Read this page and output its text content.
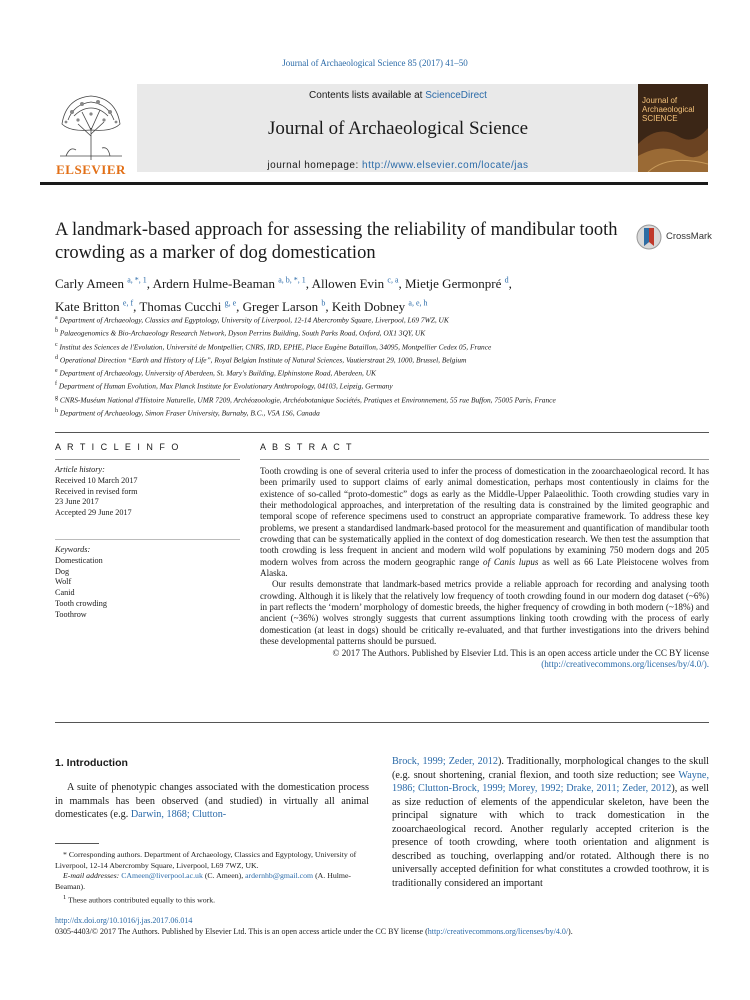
Journal of Archaeological Science 85 (2017) 41–50
ELSEVIER
Contents lists available at ScienceDirect
Journal of Archaeological Science
journal homepage: http://www.elsevier.com/locate/jas
Journal of Archaeological SCIENCE
A landmark-based approach for assessing the reliability of mandibular tooth crowding as a marker of dog domestication
CrossMark
Carly Ameen $^{a, *, 1}$, Ardern Hulme-Beaman $^{a, b, *, 1}$, Allowen Evin $^{c, a}$, Mietje Germonpré $^d$,
Kate Britton $^{e, f}$, Thomas Cucchi $^{g, e}$, Greger Larson $^b$, Keith Dobney $^{a, e, h}$
$^a$ Department of Archaeology, Classics and Egyptology, University of Liverpool, 12-14 Abercromby Square, Liverpool, L69 7WZ, UK
$^b$ Palaeogenomics & Bio-Archaeology Research Network, Dyson Perrins Building, South Parks Road, Oxford, OX1 3QY, UK
$^c$ Institut des Sciences de l'Evolution, Université de Montpellier, CNRS, IRD, EPHE, Place Eugène Bataillon, 34095, Montpellier Cedex 05, France
$^d$ Operational Direction “Earth and History of Life”, Royal Belgian Institute of Natural Sciences, Vautierstraat 29, 1000, Brussel, Belgium
$^e$ Department of Archaeology, University of Aberdeen, St. Mary's Building, Elphinstone Road, Aberdeen, UK
$^f$ Department of Human Evolution, Max Planck Institute for Evolutionary Anthropology, 04103, Leipzig, Germany
$^g$ CNRS-Muséum National d'Histoire Naturelle, UMR 7209, Archéozoologie, Archéobotanique Sociétés, Pratiques et Environnement, 55 rue Buffon, 75005 Paris, France
$^h$ Department of Archaeology, Simon Fraser University, Burnaby, B.C., V5A 1S6, Canada
A R T I C L E I N F O	A B S T R A C T
Article history:
Received 10 March 2017
Received in revised form
23 June 2017
Accepted 29 June 2017
Keywords:
Domestication
Dog
Wolf
Canid
Tooth crowding
Toothrow

Tooth crowding is one of several criteria used to infer the process of domestication in the zooarchaeological record. It has been primarily used to support claims of early animal domestication, perhaps most contentiously in claims for the existence of so-called “proto-domestic” dogs as early as the Middle-Upper Palaeolithic. Tooth crowding studies vary in their methodological approaches, and interpretation of the resulting data is constrained by the limited geographic and temporal scope of reference specimens used to construct an appropriate comparative framework. To address these key problems, we present a standardised landmark-based protocol for the measurement and quantification of mandibular tooth crowding that can be systematically applied in the context of dog domestication research. We then test the assumption that tooth crowding is less frequent in ancient and modern wild wolf populations by examining 750 modern dogs and 205 modern wolves from across the modern geographic range of Canis lupus as well as 66 Late Pleistocene wolves from Alaska.

Our results demonstrate that landmark-based metrics provide a reliable approach for recording and analysing tooth crowding. Although it is likely that the relatively low frequency of tooth crowding found in our modern dog dataset (~6%) in part reflects the ‘modern’ morphology of domestic breeds, the higher frequency of crowding in both modern (~18%) and ancient (~36%) wolves strongly suggests that current assumptions linking tooth crowding with the process of early domestication (at least in dogs) should be critically re-evaluated, and that further investigations into the drivers behind these developmental patterns should be pursued.

© 2017 The Authors. Published by Elsevier Ltd. This is an open access article under the CC BY license
(http://creativecommons.org/licenses/by/4.0/).

1. Introduction

A suite of phenotypic changes associated with the domestication process in mammals has been observed (and studied) in virtually all animal domesticates (e.g. Darwin, 1868; Clutton-

Brock, 1999; Zeder, 2012). Traditionally, morphological changes to the skull (e.g. snout shortening, cranial flexion, and tooth size reduction; see Wayne, 1986; Clutton-Brock, 1999; Morey, 1992; Drake, 2011; Zeder, 2012), as well as size reduction of elements of the appendicular skeleton, have been the principal signature with which to track domestication in the zooarchaeological record. Another regularly accepted criterion is the presence of tooth crowding, where tooth orientation and alignment is described as touching, overlapping and/or rotated. Although there is no universally accepted definition for what constitutes a crowded toothrow, it is traditionally considered an important

* Corresponding authors. Department of Archaeology, Classics and Egyptology, University of Liverpool, 12-14 Abercromby Square, Liverpool, L69 7WZ, UK.
E-mail addresses: CAmeen@liverpool.ac.uk (C. Ameen), ardernhb@gmail.com (A. Hulme-Beaman).
$^1$ These authors contributed equally to this work.
http://dx.doi.org/10.1016/j.jas.2017.06.014
0305-4403/© 2017 The Authors. Published by Elsevier Ltd. This is an open access article under the CC BY license (http://creativecommons.org/licenses/by/4.0/).
